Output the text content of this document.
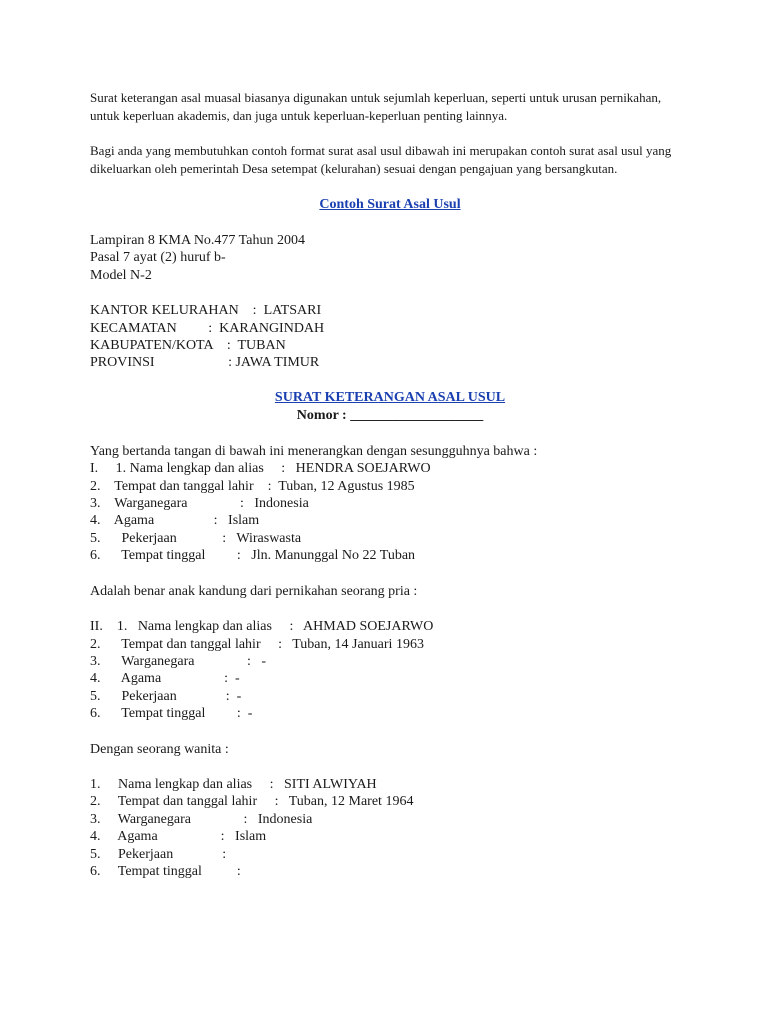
Surat keterangan asal muasal biasanya digunakan untuk sejumlah keperluan, seperti untuk urusan pernikahan, untuk keperluan akademis, dan juga untuk keperluan-keperluan penting lainnya.

Bagi anda yang membutuhkan contoh format surat asal usul dibawah ini merupakan contoh surat asal usul yang dikeluarkan oleh pemerintah Desa setempat (kelurahan) sesuai dengan pengajuan yang bersangkutan.

Contoh Surat Asal Usul
Lampiran 8 KMA No.477 Tahun 2004
Pasal 7 ayat (2) huruf b-
Model N-2
KANTOR KELURAHAN    :  LATSARI
KECAMATAN         :  KARANGINDAH
KABUPATEN/KOTA    :  TUBAN
PROVINSI                     : JAWA TIMUR
SURAT KETERANGAN ASAL USUL
Nomor : ___________________
Yang bertanda tangan di bawah ini menerangkan dengan sesungguhnya bahwa :
I.     1. Nama lengkap dan alias     :   HENDRA SOEJARWO
2.    Tempat dan tanggal lahir    :  Tuban, 12 Agustus 1985
3.    Warganegara               :   Indonesia
4.    Agama                 :   Islam
5.      Pekerjaan             :   Wiraswasta
6.      Tempat tinggal         :   Jln. Manunggal No 22 Tuban
Adalah benar anak kandung dari pernikahan seorang pria :
II.    1.   Nama lengkap dan alias     :   AHMAD SOEJARWO
2.      Tempat dan tanggal lahir     :   Tuban, 14 Januari 1963
3.      Warganegara               :   -
4.      Agama                  :  -
5.      Pekerjaan              :  -
6.      Tempat tinggal         :  -
Dengan seorang wanita :
1.     Nama lengkap dan alias     :   SITI ALWIYAH
2.     Tempat dan tanggal lahir     :   Tuban, 12 Maret 1964
3.     Warganegara               :   Indonesia
4.     Agama                  :   Islam
5.     Pekerjaan              :
6.     Tempat tinggal          :
